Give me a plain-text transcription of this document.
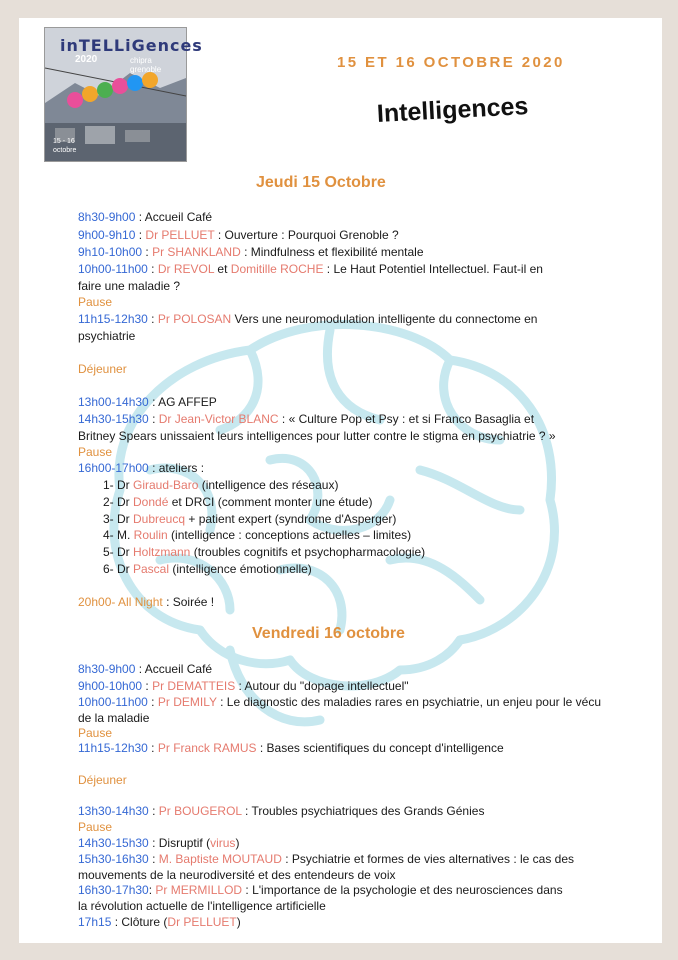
inTELLiGences
2020	chipra
grenoble
15 - 16
octobre
15 ET 16 OCTOBRE 2020
Intelligences
Jeudi 15 Octobre
8h30-9h00 : Accueil Café
9h00-9h10 : Dr PELLUET : Ouverture : Pourquoi Grenoble ?
9h10-10h00 : Pr SHANKLAND : Mindfulness et flexibilité mentale
10h00-11h00 : Dr REVOL et Domitille ROCHE : Le Haut Potentiel Intellectuel. Faut-il en
faire une maladie ?
Pause
11h15-12h30 : Pr POLOSAN Vers une neuromodulation intelligente du connectome en
psychiatrie
Déjeuner
13h00-14h30 : AG AFFEP
14h30-15h30 : Dr Jean-Victor BLANC : « Culture Pop et Psy : et si Franco Basaglia et
Britney Spears unissaient leurs intelligences pour lutter contre le stigma en psychiatrie ? »
Pause
16h00-17h00 : ateliers :
1- Dr Giraud-Baro (intelligence des réseaux)
2- Dr Dondé et DRCI (comment monter une étude)
3- Dr Dubreucq + patient expert (syndrome d'Asperger)
4- M. Roulin (intelligence : conceptions actuelles – limites)
5- Dr Holtzmann (troubles cognitifs et psychopharmacologie)
6- Dr Pascal (intelligence émotionnelle)
20h00- All Night : Soirée !
Vendredi 16 octobre
8h30-9h00 : Accueil Café
9h00-10h00 : Pr DEMATTEIS : Autour du "dopage intellectuel"
10h00-11h00 : Pr DEMILY : Le diagnostic des maladies rares en psychiatrie, un enjeu pour le vécu
de la maladie
Pause
11h15-12h30 : Pr Franck RAMUS : Bases scientifiques du concept d'intelligence
Déjeuner
13h30-14h30 : Pr BOUGEROL : Troubles psychiatriques des Grands Génies
Pause
14h30-15h30 : Disruptif (virus)
15h30-16h30 : M. Baptiste MOUTAUD : Psychiatrie et formes de vies alternatives : le cas des
mouvements de la neurodiversité et des entendeurs de voix
16h30-17h30: Pr MERMILLOD : L'importance de la psychologie et des neurosciences dans
la révolution actuelle de l'intelligence artificielle
17h15 : Clôture (Dr PELLUET)
